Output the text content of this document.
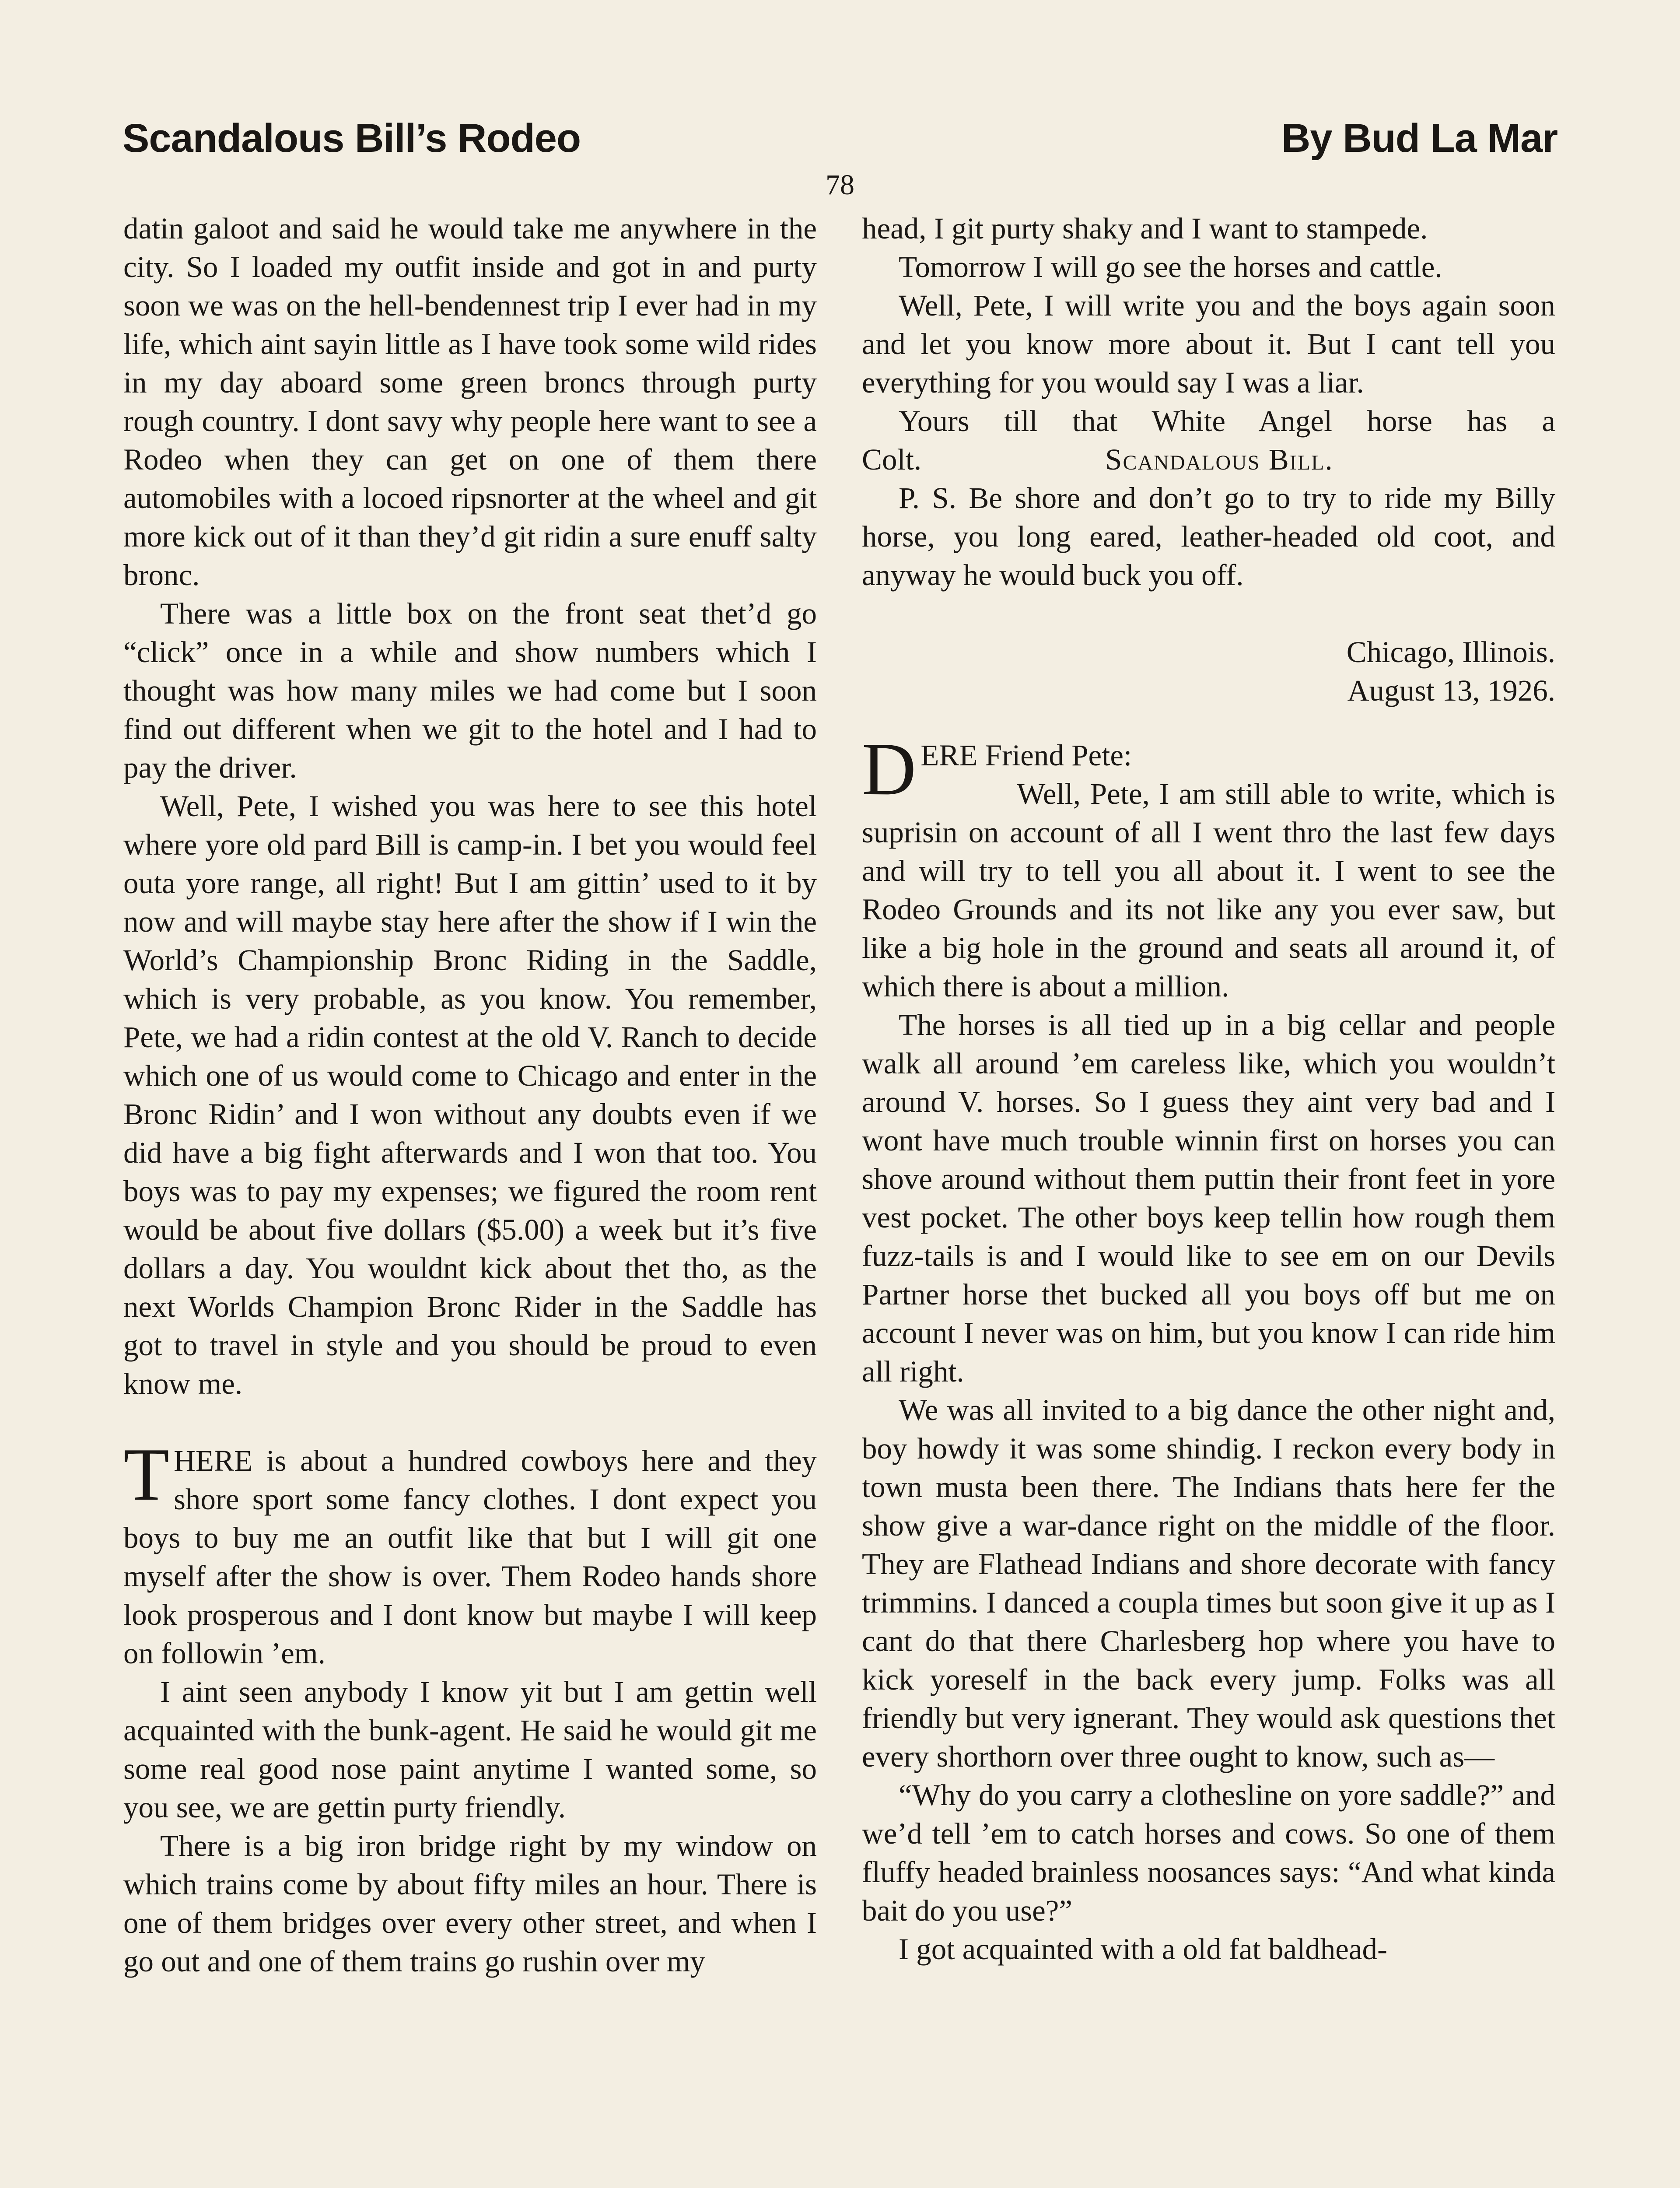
Scandalous Bill’s Rodeo	By Bud La Mar
78

datin galoot and said he would take me anywhere in the city. So I loaded my outfit inside and got in and purty soon we was on the hell-bendennest trip I ever had in my life, which aint sayin little as I have took some wild rides in my day aboard some green broncs through purty rough country. I dont savy why people here want to see a Rodeo when they can get on one of them there automobiles with a locoed ripsnorter at the wheel and git more kick out of it than they’d git ridin a sure enuff salty bronc.

There was a little box on the front seat thet’d go “click” once in a while and show numbers which I thought was how many miles we had come but I soon find out different when we git to the hotel and I had to pay the driver.

Well, Pete, I wished you was here to see this hotel where yore old pard Bill is camp-in. I bet you would feel outa yore range, all right! But I am gittin’ used to it by now and will maybe stay here after the show if I win the World’s Championship Bronc Riding in the Saddle, which is very probable, as you know. You remember, Pete, we had a ridin contest at the old V. Ranch to decide which one of us would come to Chicago and enter in the Bronc Ridin’ and I won without any doubts even if we did have a big fight afterwards and I won that too. You boys was to pay my expenses; we figured the room rent would be about five dollars ($5.00) a week but it’s five dollars a day. You wouldnt kick about thet tho, as the next Worlds Champion Bronc Rider in the Saddle has got to travel in style and you should be proud to even know me.

THERE is about a hundred cowboys here and they shore sport some fancy clothes. I dont expect you boys to buy me an outfit like that but I will git one myself after the show is over. Them Rodeo hands shore look prosperous and I dont know but maybe I will keep on followin ’em.

I aint seen anybody I know yit but I am gettin well acquainted with the bunk-agent. He said he would git me some real good nose paint anytime I wanted some, so you see, we are gettin purty friendly.

There is a big iron bridge right by my window on which trains come by about fifty miles an hour. There is one of them bridges over every other street, and when I go out and one of them trains go rushin over my

head, I git purty shaky and I want to stampede.

Tomorrow I will go see the horses and cattle.

Well, Pete, I will write you and the boys again soon and let you know more about it. But I cant tell you everything for you would say I was a liar.

Yours till that White Angel horse has a Colt.	Scandalous Bill.

P. S. Be shore and don’t go to try to ride my Billy horse, you long eared, leather-headed old coot, and anyway he would buck you off.

Chicago, Illinois.
August 13, 1926.

DERE Friend Pete:
Well, Pete, I am still able to write, which is suprisin on account of all I went thro the last few days and will try to tell you all about it. I went to see the Rodeo Grounds and its not like any you ever saw, but like a big hole in the ground and seats all around it, of which there is about a million.

The horses is all tied up in a big cellar and people walk all around ’em careless like, which you wouldn’t around V. horses. So I guess they aint very bad and I wont have much trouble winnin first on horses you can shove around without them puttin their front feet in yore vest pocket. The other boys keep tellin how rough them fuzz-tails is and I would like to see em on our Devils Partner horse thet bucked all you boys off but me on account I never was on him, but you know I can ride him all right.

We was all invited to a big dance the other night and, boy howdy it was some shindig. I reckon every body in town musta been there. The Indians thats here fer the show give a war-dance right on the middle of the floor. They are Flathead Indians and shore decorate with fancy trimmins. I danced a coupla times but soon give it up as I cant do that there Charlesberg hop where you have to kick yoreself in the back every jump. Folks was all friendly but very ignerant. They would ask questions thet every shorthorn over three ought to know, such as—

“Why do you carry a clothesline on yore saddle?” and we’d tell ’em to catch horses and cows. So one of them fluffy headed brainless noosances says: “And what kinda bait do you use?”

I got acquainted with a old fat baldhead-
